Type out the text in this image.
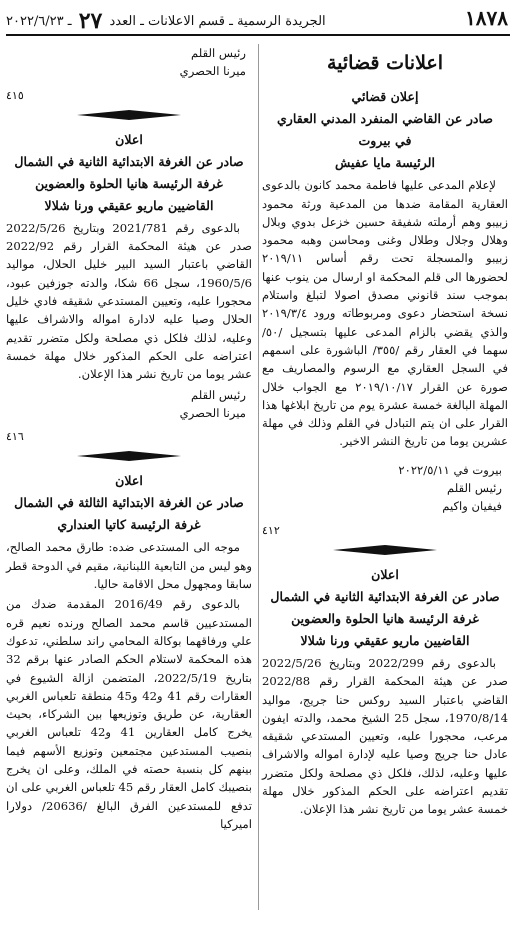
١٨٧٨
الجريدة الرسمية ـ قسم الاعلانات ـ العدد ٢٧ ـ ٢٠٢٢/٦/٢٣
اعلانات قضائية
إعلان قضائي
صادر عن القاضي المنفرد المدني العقاري
في بيروت
الرئيسة مايا عفيش

لإعلام المدعى عليها فاطمة محمد كانون بالدعوى العقارية المقامة ضدها من المدعية ورثة محمود زبيبو وهم أرملته شفيقة حسين خزعل بدوي وبلال وهلال وجلال وطلال وغنى ومحاسن وهبه محمود زبيبو والمسجلة تحت رقم أساس ٢٠١٩/١١ لحضورها الى قلم المحكمة او ارسال من ينوب عنها بموجب سند قانوني مصدق اصولا لتبلغ واستلام نسخة استحضار دعوى ومربوطاته ورود ٢٠١٩/٣/٤ والذي يقضي بالزام المدعى عليها بتسجيل /٥٠/ سهما في العقار رقم /٣٥٥/ الباشورة على اسمهم في السجل العقاري مع الرسوم والمصاريف مع صورة عن القرار ٢٠١٩/١٠/١٧ مع الجواب خلال المهلة البالغة خمسة عشرة يوم من تاريخ ابلاغها هذا القرار على ان يتم التبادل في القلم وذلك في مهلة عشرين يوما من تاريخ النشر الاخير.

بيروت في ٢٠٢٢/٥/١١
رئيس القلم
فيفيان واكيم
٤١٢
اعلان
صادر عن الغرفة الابتدائية الثانية في الشمال
غرفة الرئيسة هانيا الحلوة والعضوين
القاضيين ماريو عقيقي ورنا شلالا

بالدعوى رقم 2022/299 وبتاريخ 2022/5/26 صدر عن هيئة المحكمة القرار رقم 2022/88 القاضي باعتبار السيد روكس حنا جريج، مواليد 1970/8/14، سجل 25 الشيخ محمد، والدته ايفون مرعب، محجورا عليه، وتعيين المستدعي شقيقه عادل حنا جريج وصيا عليه لإدارة امواله والاشراف عليها وعليه، لذلك، فلكل ذي مصلحة ولكل متضرر تقديم اعتراضه على الحكم المذكور خلال مهلة خمسة عشر يوما من تاريخ نشر هذا الإعلان.

رئيس القلم
ميرنا الحصري
٤١٥
اعلان
صادر عن الغرفة الابتدائية الثانية في الشمال
غرفة الرئيسة هانيا الحلوة والعضوين
القاضيين ماريو عقيقي ورنا شلالا

بالدعوى رقم 2021/781 وبتاريخ 2022/5/26 صدر عن هيئة المحكمة القرار رقم 2022/92 القاضي باعتبار السيد البير خليل الحلال، مواليد 1960/5/6، سجل 66 شكا، والدته جوزفين عبود، محجورا عليه، وتعيين المستدعي شقيقه فادي خليل الحلال وصيا عليه لادارة امواله والاشراف عليها وعليه، لذلك فلكل ذي مصلحة ولكل متضرر تقديم اعتراضه على الحكم المذكور خلال مهلة خمسة عشر يوما من تاريخ نشر هذا الإعلان.

رئيس القلم
ميرنا الحصري
٤١٦
اعلان
صادر عن الغرفة الابتدائية الثالثة في الشمال
غرفة الرئيسة كاتيا العنداري

موجه الى المستدعى ضده: طارق محمد الصالح، وهو ليس من التابعية اللبنانية، مقيم في الدوحة قطر سابقا ومجهول محل الاقامة حاليا.

بالدعوى رقم 2016/49 المقدمة ضدك من المستدعيين قاسم محمد الصالح ورنده نعيم قره علي ورفاقهما بوكالة المحامي راند سلطني، تدعوك هذه المحكمة لاستلام الحكم الصادر عنها برقم 32 بتاريخ 2022/5/19، المتضمن ازالة الشيوع في العقارات رقم 41 و42 و45 منطقة تلعباس الغربي العقارية، عن طريق وتوزيعها بين الشركاء، بحيث يخرج كامل العقارين 41 و42 تلعباس الغربي بنصيب المستدعين مجتمعين وتوزيع الأسهم فيما بينهم كل بنسبة حصته في الملك، وعلى ان يخرج بنصيبك كامل العقار رقم 45 تلعباس الغربي على ان تدفع للمستدعين الفرق البالغ /20636/ دولارا اميركيا
